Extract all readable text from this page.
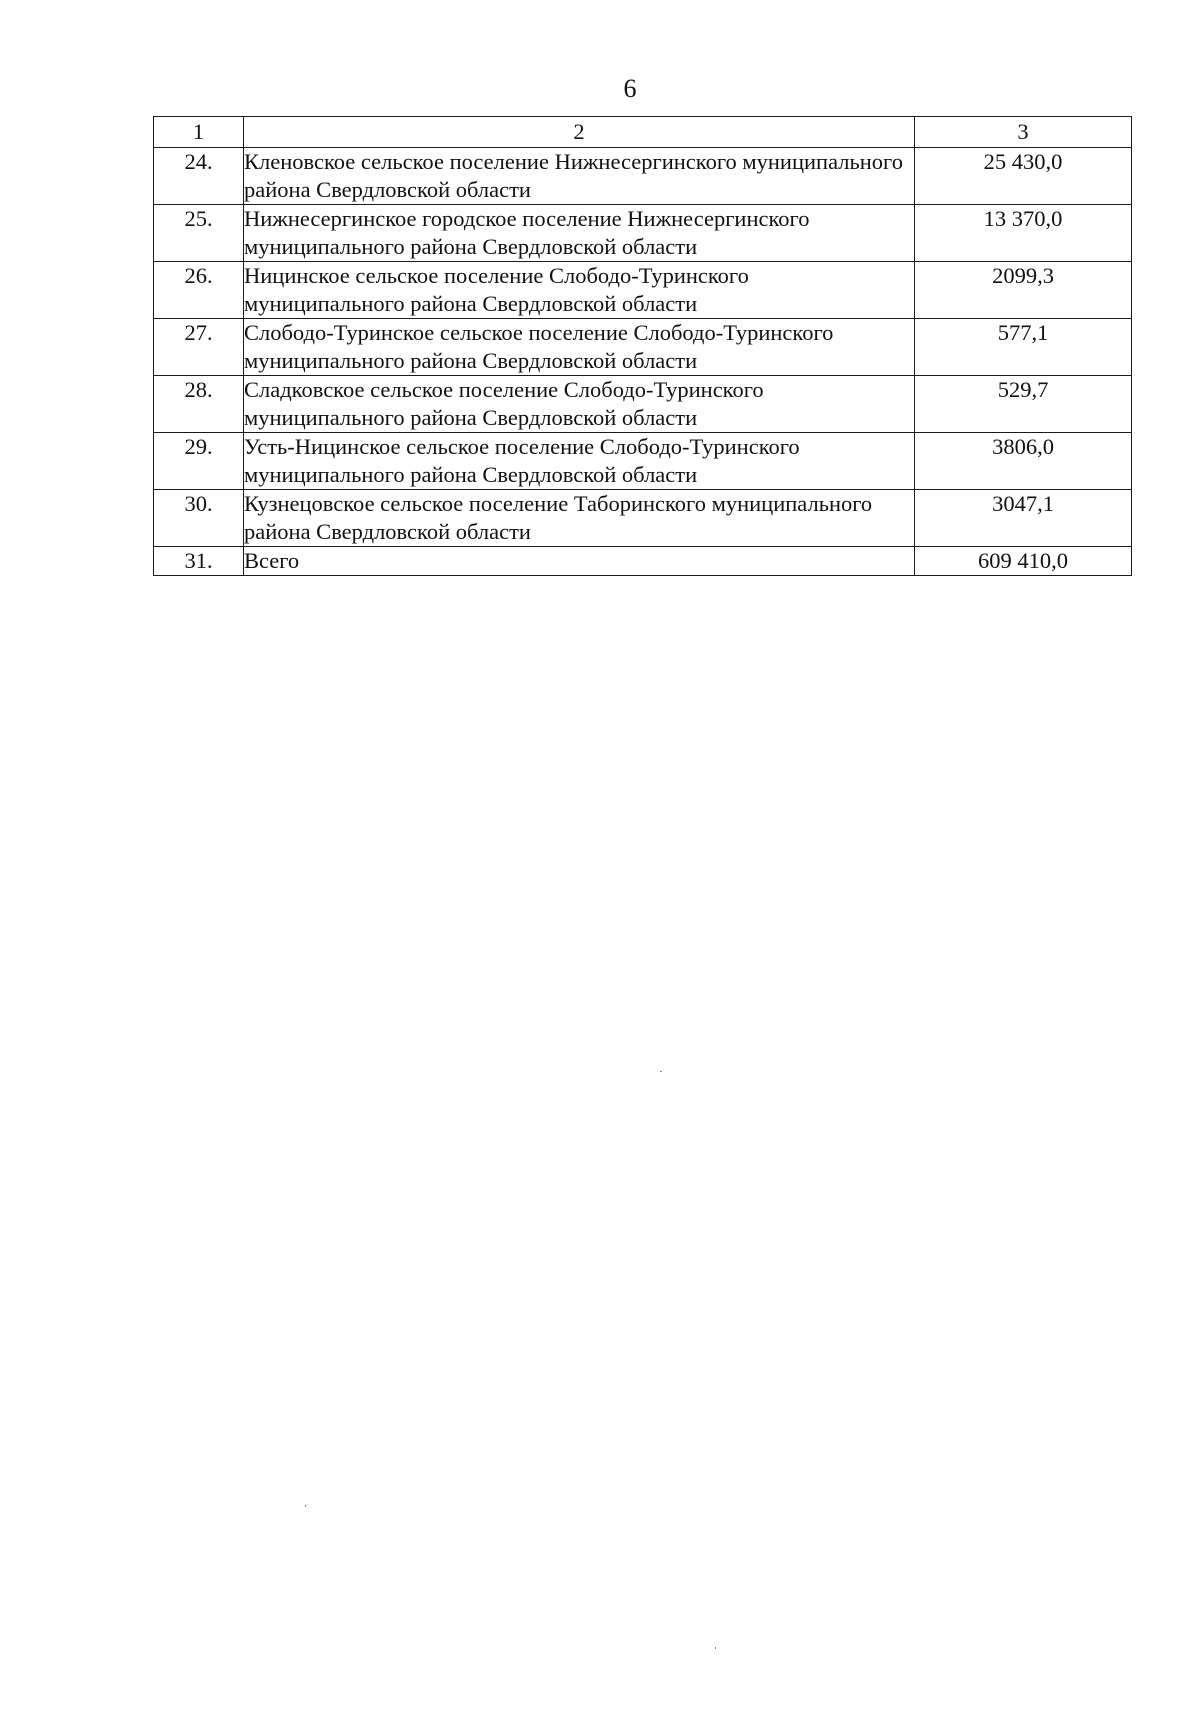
6
1	2	3
24.	Кленовское сельское поселение Нижнесергинского муниципального района Свердловской области	25 430,0
25.	Нижнесергинское городское поселение Нижнесергинского муниципального района Свердловской области	13 370,0
26.	Ницинское сельское поселение Слободо-Туринского муниципального района Свердловской области	2099,3
27.	Слободо-Туринское сельское поселение Слободо-Туринского муниципального района Свердловской области	577,1
28.	Сладковское сельское поселение Слободо-Туринского муниципального района Свердловской области	529,7
29.	Усть-Ницинское сельское поселение Слободо-Туринского муниципального района Свердловской области	3806,0
30.	Кузнецовское сельское поселение Таборинского муниципального района Свердловской области	3047,1
31.	Всего	609 410,0
